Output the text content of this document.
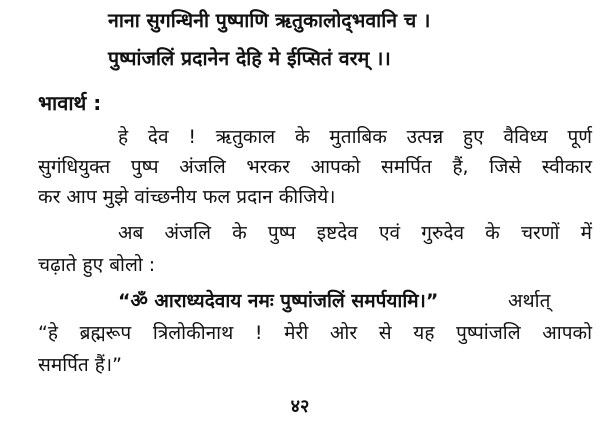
नाना सुगन्धिनी पुष्पाणि ऋतुकालोद्‌भवानि च ।
पुष्पांजलिं प्रदानेन देहि मे ईप्सितं वरम् ।।
भावार्थ :
हे देव ! ऋतुकाल के मुताबिक उत्पन्न हुए वैविध्य पूर्ण
सुगंधियुक्त पुष्प अंजलि भरकर आपको समर्पित हैं, जिसे स्वीकार
कर आप मुझे वांच्छनीय फल प्रदान कीजिये।
अब अंजलि के पुष्प इष्टदेव एवं गुरुदेव के चरणों में
चढ़ाते हुए बोलो :
“ॐ आराध्यदेवाय नमः पुष्पांजलिं समर्पयामि।”	अर्थात्
“हे ब्रह्मरूप त्रिलोकीनाथ ! मेरी ओर से यह पुष्पांजलि आपको
समर्पित हैं।”
४२
